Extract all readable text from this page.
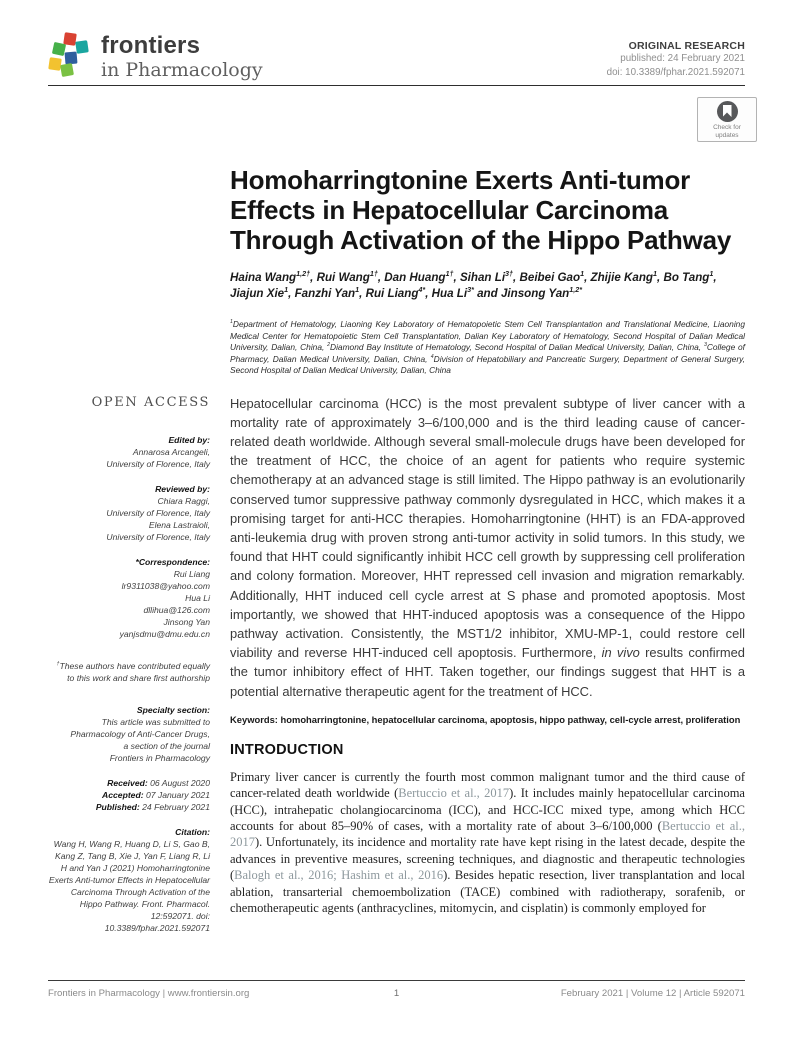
frontiers
in Pharmacology
ORIGINAL RESEARCH
published: 24 February 2021
doi: 10.3389/fphar.2021.592071
Check for
updates
OPEN ACCESS
Edited by:
Annarosa Arcangeli,
University of Florence, Italy
Reviewed by:
Chiara Raggi,
University of Florence, Italy
Elena Lastraioli,
University of Florence, Italy
*Correspondence:
Rui Liang
lr9311038@yahoo.com
Hua Li
dllihua@126.com
Jinsong Yan
yanjsdmu@dmu.edu.cn
†These authors have contributed equally to this work and share first authorship
Specialty section:
This article was submitted to
Pharmacology of Anti-Cancer Drugs,
a section of the journal
Frontiers in Pharmacology
Received: 06 August 2020
Accepted: 07 January 2021
Published: 24 February 2021
Citation:
Wang H, Wang R, Huang D, Li S, Gao B, Kang Z, Tang B, Xie J, Yan F, Liang R, Li H and Yan J (2021) Homoharringtonine Exerts Anti-tumor Effects in Hepatocellular Carcinoma Through Activation of the Hippo Pathway. Front. Pharmacol. 12:592071. doi: 10.3389/fphar.2021.592071
Homoharringtonine Exerts Anti-tumor Effects in Hepatocellular Carcinoma Through Activation of the Hippo Pathway
Haina Wang$^{1,2\dagger}$, Rui Wang$^{1\dagger}$, Dan Huang$^{1\dagger}$, Sihan $Li^{3\dagger}$, Beibei Gao$^1$, Zhijie Kang$^1$, Bo Tang$^1$, Jiajun Xie$^1$, Fanzhi Yan$^1$, Rui Liang$^{4*}$, Hua $Li^{3*}$ and Jinsong Yan$^{1,2*}$
$^1$Department of Hematology, Liaoning Key Laboratory of Hematopoietic Stem Cell Transplantation and Translational Medicine, Liaoning Medical Center for Hematopoietic Stem Cell Transplantation, Dalian Key Laboratory of Hematology, Second Hospital of Dalian Medical University, Dalian, China, $^2$Diamond Bay Institute of Hematology, Second Hospital of Dalian Medical University, Dalian, China, $^3$College of Pharmacy, Dalian Medical University, Dalian, China, $^4$Division of Hepatobiliary and Pancreatic Surgery, Department of General Surgery, Second Hospital of Dalian Medical University, Dalian, China
Hepatocellular carcinoma (HCC) is the most prevalent subtype of liver cancer with a mortality rate of approximately 3–6/100,000 and is the third leading cause of cancer-related death worldwide. Although several small-molecule drugs have been developed for the treatment of HCC, the choice of an agent for patients who require systemic chemotherapy at an advanced stage is still limited. The Hippo pathway is an evolutionarily conserved tumor suppressive pathway commonly dysregulated in HCC, which makes it a promising target for anti-HCC therapies. Homoharringtonine (HHT) is an FDA-approved anti-leukemia drug with proven strong anti-tumor activity in solid tumors. In this study, we found that HHT could significantly inhibit HCC cell growth by suppressing cell proliferation and colony formation. Moreover, HHT repressed cell invasion and migration remarkably. Additionally, HHT induced cell cycle arrest at S phase and promoted apoptosis. Most importantly, we showed that HHT-induced apoptosis was a consequence of the Hippo pathway activation. Consistently, the MST1/2 inhibitor, XMU-MP-1, could restore cell viability and reverse HHT-induced cell apoptosis. Furthermore, in vivo results confirmed the tumor inhibitory effect of HHT. Taken together, our findings suggest that HHT is a potential alternative therapeutic agent for the treatment of HCC.
Keywords: homoharringtonine, hepatocellular carcinoma, apoptosis, hippo pathway, cell-cycle arrest, proliferation
INTRODUCTION
Primary liver cancer is currently the fourth most common malignant tumor and the third cause of cancer-related death worldwide (Bertuccio et al., 2017). It includes mainly hepatocellular carcinoma (HCC), intrahepatic cholangiocarcinoma (ICC), and HCC-ICC mixed type, among which HCC accounts for about 85–90% of cases, with a mortality rate of about 3–6/100,000 (Bertuccio et al., 2017). Unfortunately, its incidence and mortality rate have kept rising in the latest decade, despite the advances in preventive measures, screening techniques, and diagnostic and therapeutic technologies (Balogh et al., 2016; Hashim et al., 2016). Besides hepatic resection, liver transplantation and local ablation, transarterial chemoembolization (TACE) combined with radiotherapy, sorafenib, or chemotherapeutic agents (anthracyclines, mitomycin, and cisplatin) is commonly employed for
Frontiers in Pharmacology | www.frontiersin.org	1	February 2021 | Volume 12 | Article 592071
